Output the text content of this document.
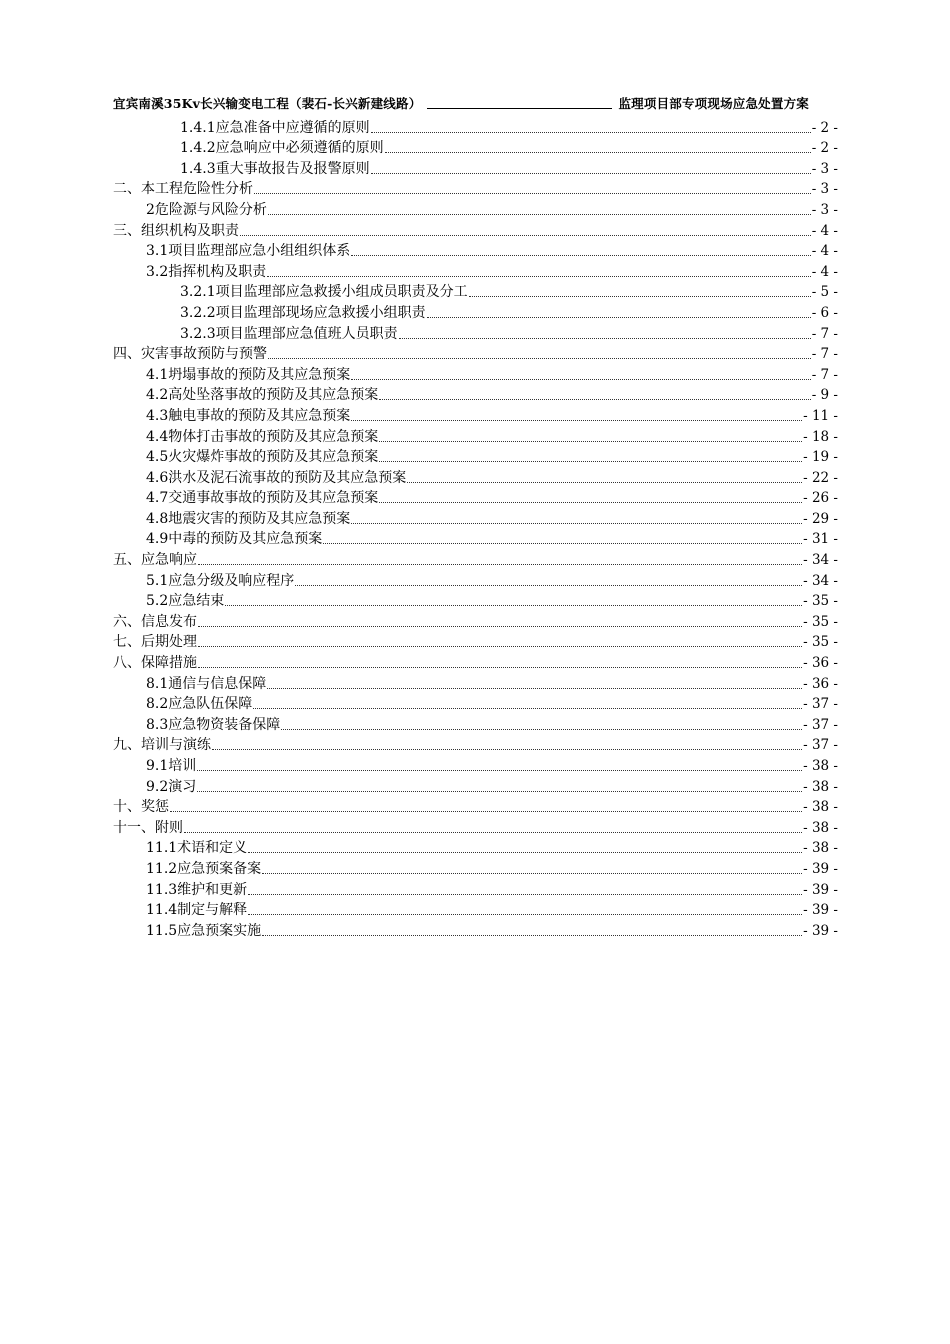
宜宾南溪35Kv长兴输变电工程（裴石-长兴新建线路）	监理项目部专项现场应急处置方案
1.4.1应急准备中应遵循的原则	- 2 -
1.4.2应急响应中必须遵循的原则	- 2 -
1.4.3重大事故报告及报警原则	- 3 -
二、本工程危险性分析	- 3 -
2危险源与风险分析	- 3 -
三、组织机构及职责	- 4 -
3.1项目监理部应急小组组织体系	- 4 -
3.2指挥机构及职责	- 4 -
3.2.1项目监理部应急救援小组成员职责及分工	- 5 -
3.2.2项目监理部现场应急救援小组职责	- 6 -
3.2.3项目监理部应急值班人员职责	- 7 -
四、灾害事故预防与预警	- 7 -
4.1坍塌事故的预防及其应急预案	- 7 -
4.2高处坠落事故的预防及其应急预案	- 9 -
4.3触电事故的预防及其应急预案	- 11 -
4.4物体打击事故的预防及其应急预案	- 18 -
4.5火灾爆炸事故的预防及其应急预案	- 19 -
4.6洪水及泥石流事故的预防及其应急预案	- 22 -
4.7交通事故事故的预防及其应急预案	- 26 -
4.8地震灾害的预防及其应急预案	- 29 -
4.9中毒的预防及其应急预案	- 31 -
五、应急响应	- 34 -
5.1应急分级及响应程序	- 34 -
5.2应急结束	- 35 -
六、信息发布	- 35 -
七、后期处理	- 35 -
八、保障措施	- 36 -
8.1通信与信息保障	- 36 -
8.2应急队伍保障	- 37 -
8.3应急物资装备保障	- 37 -
九、培训与演练	- 37 -
9.1培训	- 38 -
9.2演习	- 38 -
十、奖惩	- 38 -
十一、附则	- 38 -
11.1术语和定义	- 38 -
11.2应急预案备案	- 39 -
11.3维护和更新	- 39 -
11.4制定与解释	- 39 -
11.5应急预案实施	- 39 -
